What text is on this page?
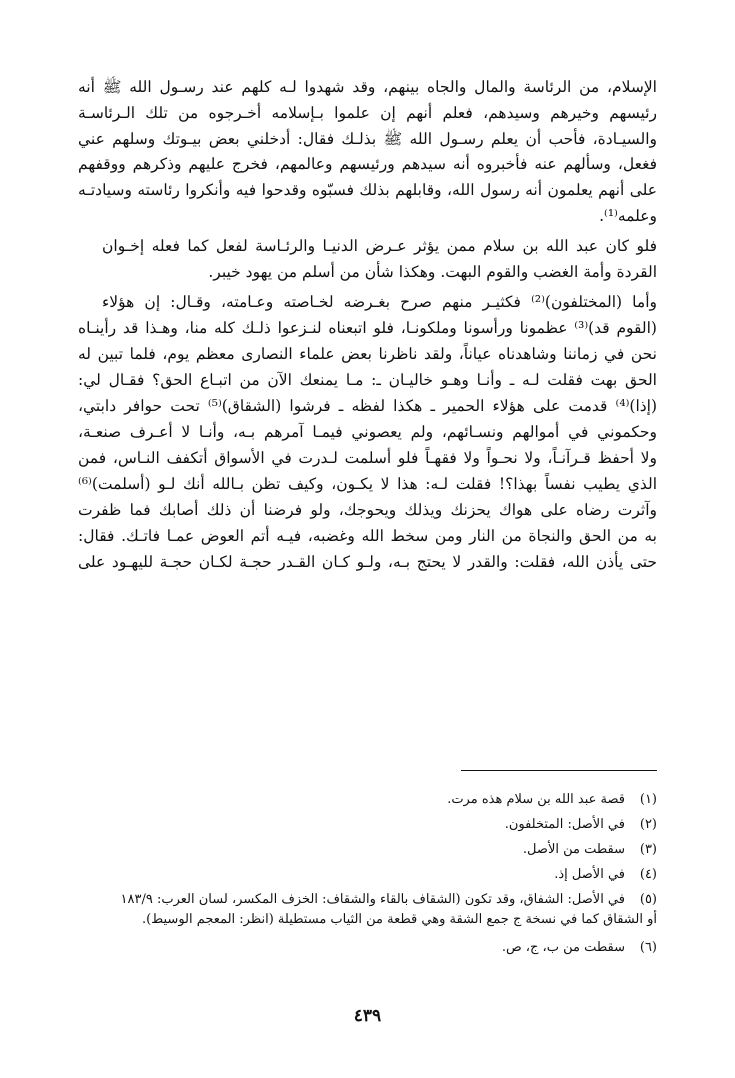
الإسلام، من الرئاسة والمال والجاه بينهم، وقد شهدوا لـه كلهم عند رسـول الله ﷺ أنه
رئيسهم وخيرهم وسيدهم، فعلم أنهم إن علموا بـإسلامه أخـرجوه من تلك الـرئاسـة
والسيـادة، فأحب أن يعلم رسـول الله ﷺ بذلـك فقال: أدخلني بعض بيـوتك وسلهم عني
فغعل، وسألهم عنه فأخبروه أنه سيدهم ورئيسهم وعالمهم، فخرج عليهم وذكرهم ووقفهم
على أنهم يعلمون أنه رسول الله، وقابلهم بذلك فسبّوه وقدحوا فيه وأنكروا رئاسته وسيادتـه
وعلمه⁽¹⁾.
فلو كان عبد الله بن سلام ممن يؤثر عـرض الدنيـا والرئـاسة لفعل كما فعله إخـوان
القردة وأمة الغضب والقوم البهت. وهكذا شأن من أسلم من يهود خيبر.
وأما (المختلفون)⁽²⁾ فكثيـر منهم صرح بغـرضه لخـاصته وعـامته، وقـال: إن هؤلاء
(القوم قد)⁽³⁾ عظمونا ورأسونا وملكونـا، فلو اتبعناه لنـزعوا ذلـك كله منا، وهـذا قد رأينـاه
نحن في زماننا وشاهدناه عياناً، ولقد ناظرنا بعض علماء النصارى معظم يوم، فلما تبين له
الحق بهت فقلت لـه ـ وأنـا وهـو خاليـان ـ: مـا يمنعك الآن من اتبـاع الحق؟ فقـال لي:
(إذا)⁽⁴⁾ قدمت على هؤلاء الحمير ـ هكذا لفظه ـ فرشوا (الشقاق)⁽⁵⁾ تحت حوافر دابتي،
وحكموني في أموالهم ونسـائهم، ولم يعصوني فيمـا آمرهم بـه، وأنـا لا أعـرف صنعـة،
ولا أحفظ قـرآنـاً، ولا نحـواً ولا فقهـاً فلو أسلمت لـدرت في الأسواق أتكفف النـاس، فمن
الذي يطيب نفساً بهذا؟! فقلت لـه: هذا لا يكـون، وكيف تظن بـالله أنك لـو (أسلمت)⁽⁶⁾
وآثرت رضاه على هواك يحزنك ويذلك ويحوجك، ولو فرضنا أن ذلك أصابك فما ظفرت
به من الحق والنجاة من النار ومن سخط الله وغضبه، فيـه أتم العوض عمـا فاتـك. فقال:
حتى يأذن الله، فقلت: والقدر لا يحتج بـه، ولـو كـان القـدر حجـة لكـان حجـة لليهـود على
(١)قصة عبد الله بن سلام هذه مرت.
(٢)في الأصل: المتخلفون.
(٣)سقطت من الأصل.
(٤)في الأصل إذ.
(٥)في الأصل: الشفاق، وقد تكون (الشقاف بالقاء والشقاف: الخزف المكسر، لسان العرب: ١٨٣/٩
أو الشقاق كما في نسخة ج جمع الشقة وهي قطعة من الثياب مستطيلة (انظر: المعجم الوسيط).
(٦)سقطت من ب، ج، ص.
٤٣٩
